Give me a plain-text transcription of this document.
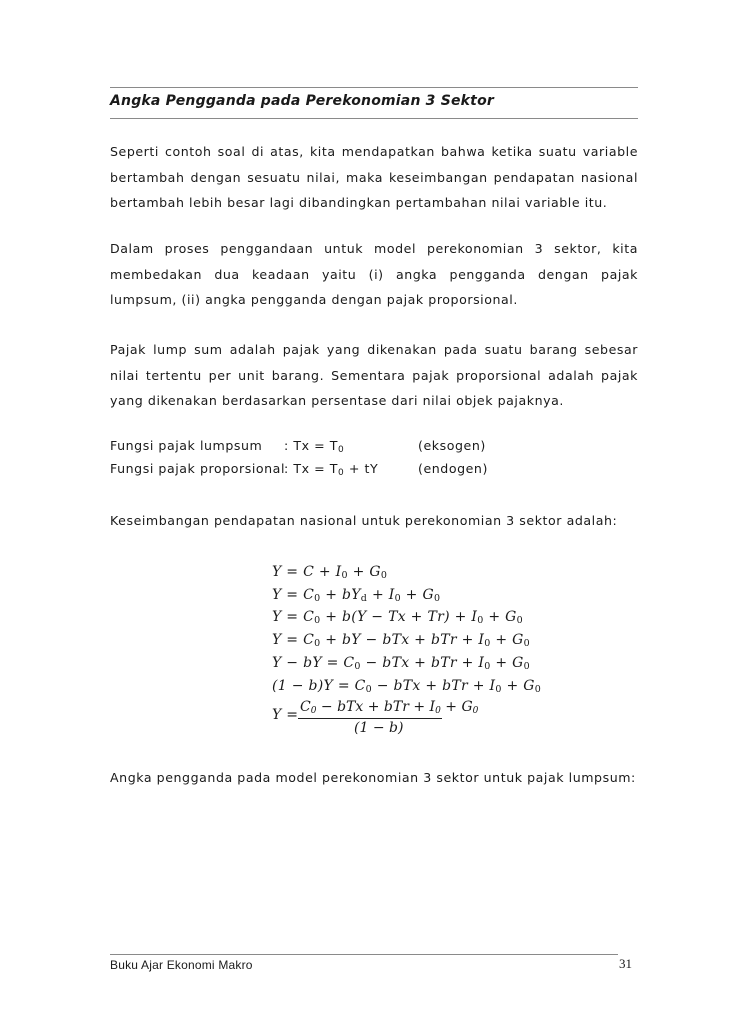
Angka Pengganda pada Perekonomian 3 Sektor
Seperti contoh soal di atas, kita mendapatkan bahwa ketika suatu variable
bertambah dengan sesuatu nilai, maka keseimbangan pendapatan nasional
bertambah lebih besar lagi dibandingkan pertambahan nilai variable itu.
Dalam proses penggandaan untuk model perekonomian 3 sektor, kita
membedakan dua keadaan yaitu (i) angka pengganda dengan pajak
lumpsum, (ii) angka pengganda dengan pajak proporsional.
Pajak lump sum adalah pajak yang dikenakan pada suatu barang sebesar
nilai tertentu per unit barang. Sementara pajak proporsional adalah pajak
yang dikenakan berdasarkan persentase dari nilai objek pajaknya.
Fungsi pajak lumpsum : $Tx = T_0$	(eksogen)
Fungsi pajak proporsional : $Tx = T_0$ + tY	(endogen)
Keseimbangan pendapatan nasional untuk perekonomian 3 sektor adalah:
$Y = C + I_0 + G_0$
$Y = C_0 + bY_d + I_0 + G_0$
$Y = C_0 + b(Y - Tx + Tr) + I_0 + G_0$
$Y = C_0$ + bY − bTx + bTr + $I_0 + G_0$
Y − bY = $C_0$ − bTx + bTr + $I_0 + G_0$
$(1 - b)Y = C_0$ − bTx + bTr + $I_0 + G_0$
$Y = C_0$ − bTx + bTr + $I_0 + G_0$
(1 − b)
Angka pengganda pada model perekonomian 3 sektor untuk pajak lumpsum:
Buku Ajar Ekonomi Makro	31
